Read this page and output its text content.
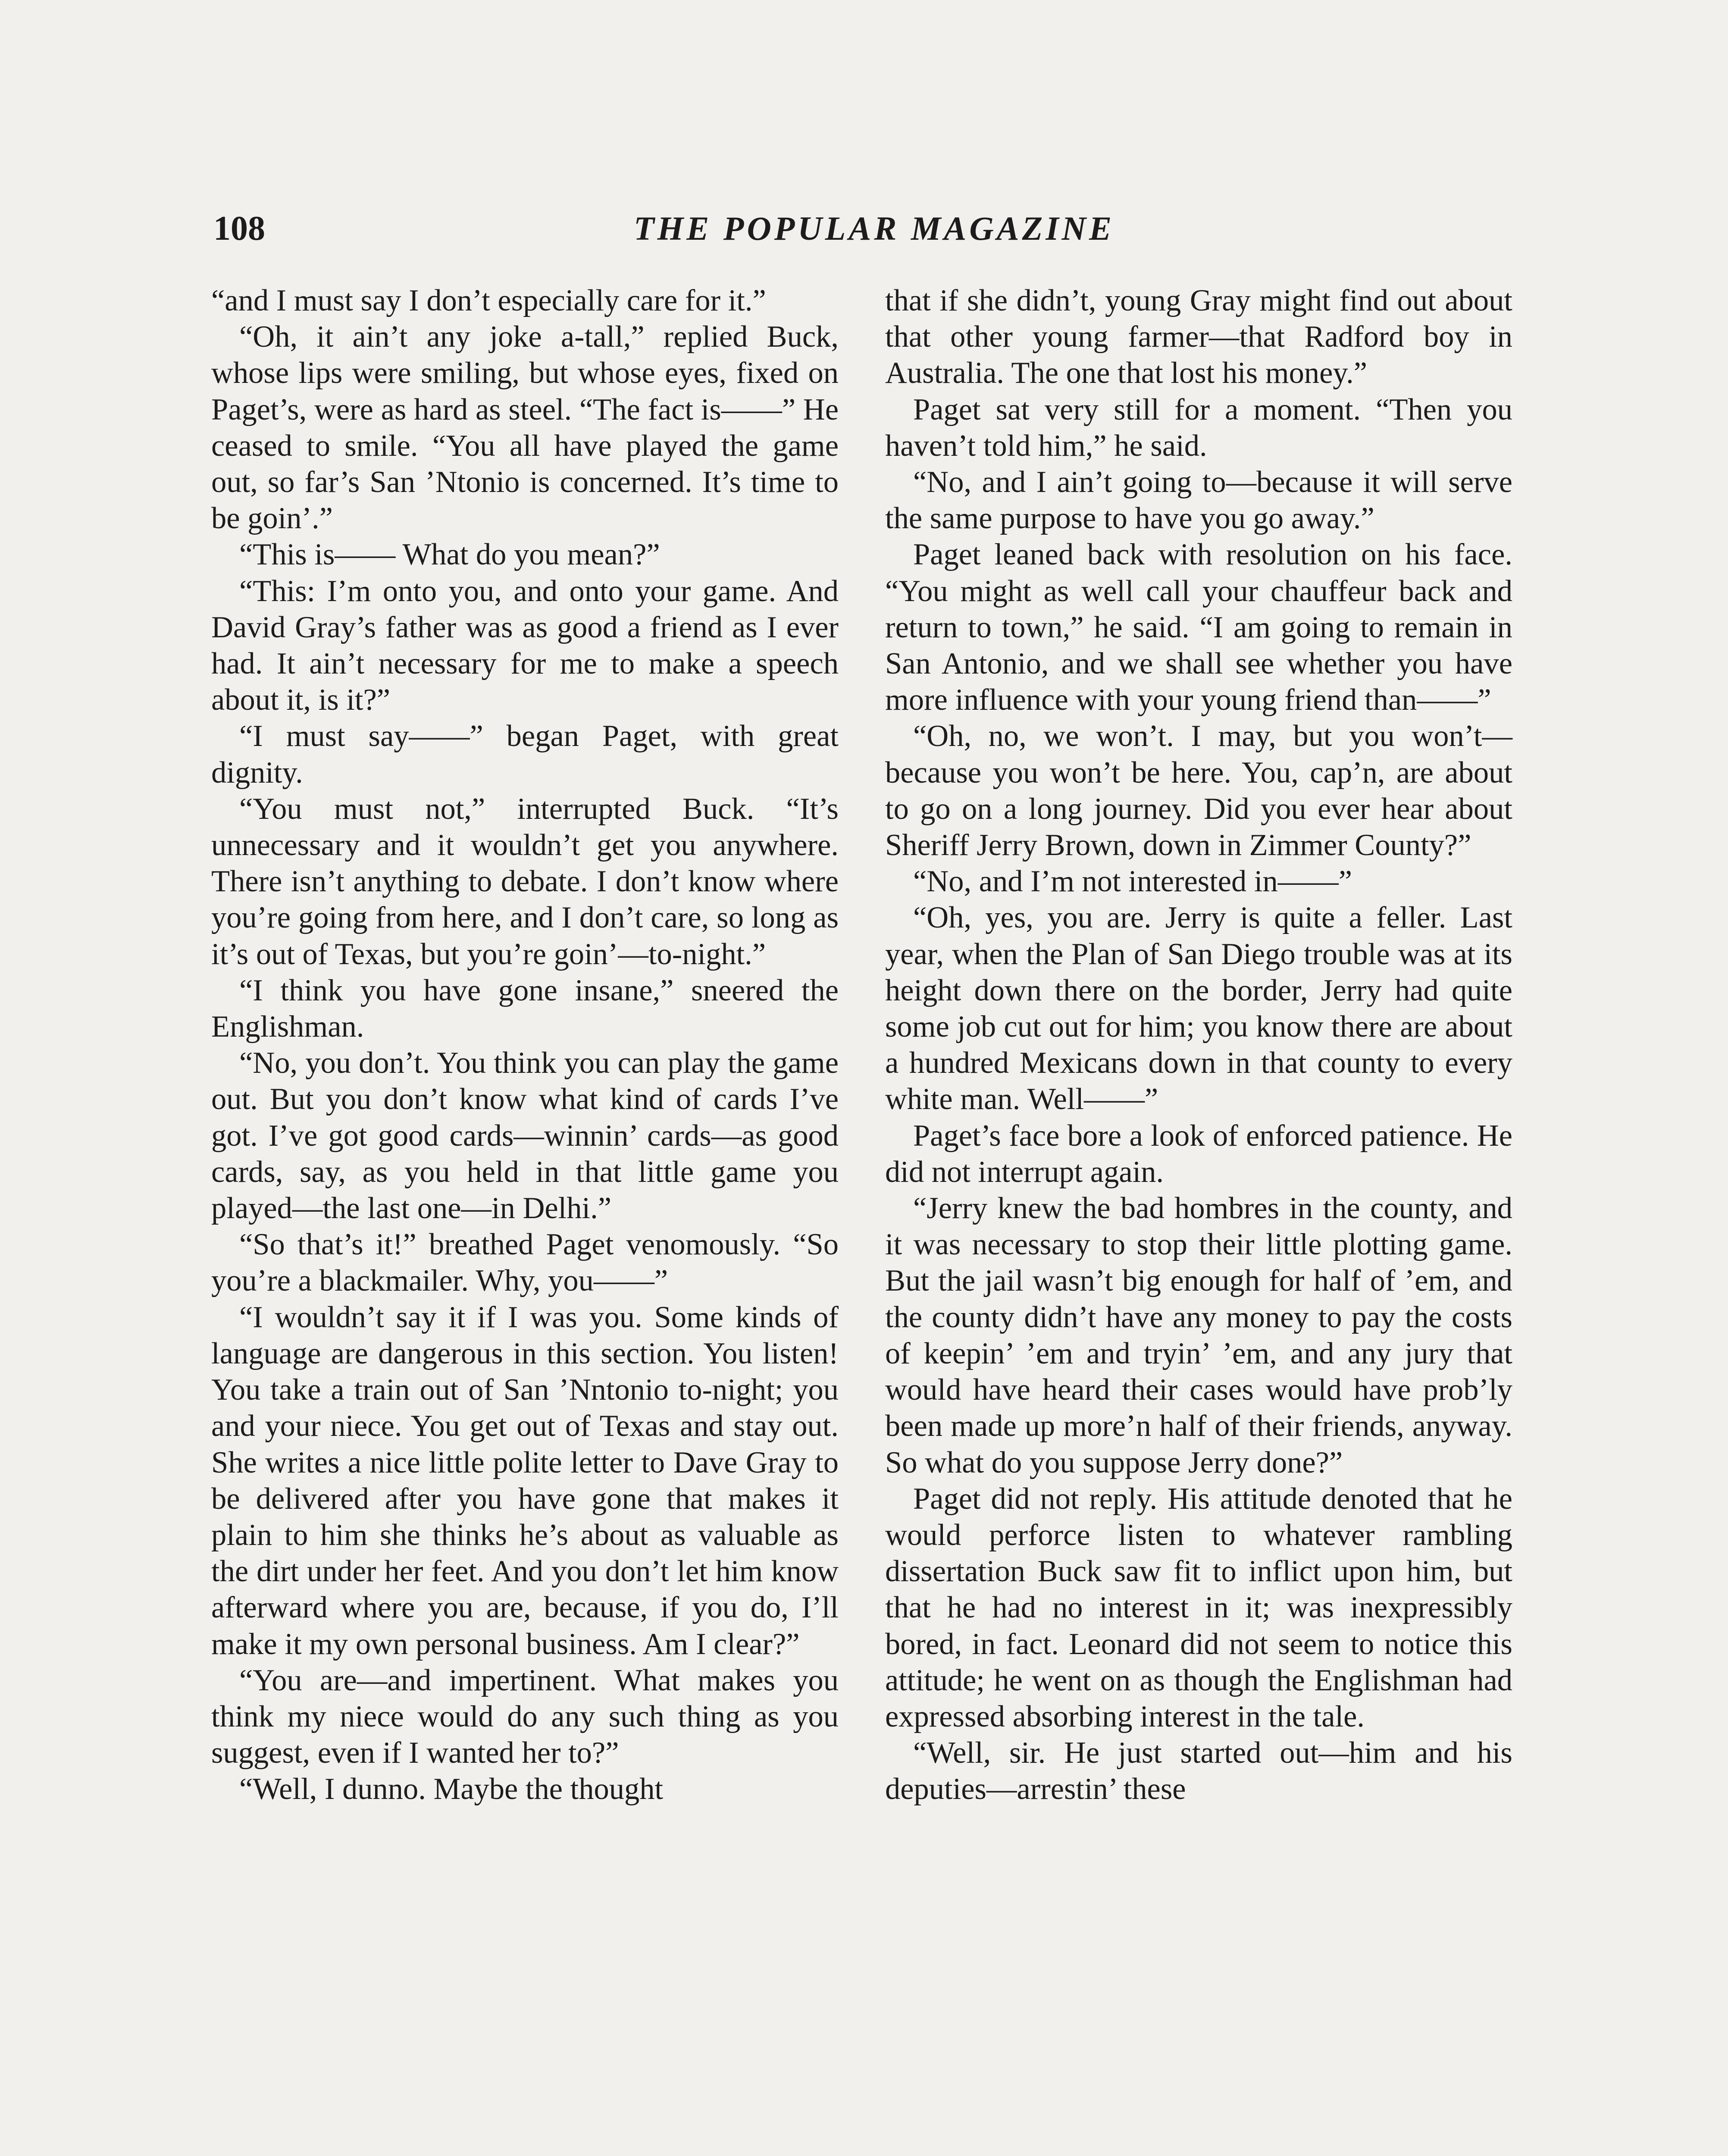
108	THE POPULAR MAGAZINE

“and I must say I don’t especially care for it.”

“Oh, it ain’t any joke a-tall,” replied Buck, whose lips were smiling, but whose eyes, fixed on Paget’s, were as hard as steel. “The fact is——” He ceased to smile. “You all have played the game out, so far’s San ’Ntonio is concerned. It’s time to be goin’.”

“This is—— What do you mean?”

“This: I’m onto you, and onto your game. And David Gray’s father was as good a friend as I ever had. It ain’t necessary for me to make a speech about it, is it?”

“I must say——” began Paget, with great dignity.

“You must not,” interrupted Buck. “It’s unnecessary and it wouldn’t get you anywhere. There isn’t anything to debate. I don’t know where you’re going from here, and I don’t care, so long as it’s out of Texas, but you’re goin’—to-night.”

“I think you have gone insane,” sneered the Englishman.

“No, you don’t. You think you can play the game out. But you don’t know what kind of cards I’ve got. I’ve got good cards—winnin’ cards—as good cards, say, as you held in that little game you played—the last one—in Delhi.”

“So that’s it!” breathed Paget venomously. “So you’re a blackmailer. Why, you——”

“I wouldn’t say it if I was you. Some kinds of language are dangerous in this section. You listen! You take a train out of San ’Nntonio to-night; you and your niece. You get out of Texas and stay out. She writes a nice little polite letter to Dave Gray to be delivered after you have gone that makes it plain to him she thinks he’s about as valuable as the dirt under her feet. And you don’t let him know afterward where you are, because, if you do, I’ll make it my own personal business. Am I clear?”

“You are—and impertinent. What makes you think my niece would do any such thing as you suggest, even if I wanted her to?”

“Well, I dunno. Maybe the thought

that if she didn’t, young Gray might find out about that other young farmer—that Radford boy in Australia. The one that lost his money.”

Paget sat very still for a moment. “Then you haven’t told him,” he said.

“No, and I ain’t going to—because it will serve the same purpose to have you go away.”

Paget leaned back with resolution on his face. “You might as well call your chauffeur back and return to town,” he said. “I am going to remain in San Antonio, and we shall see whether you have more influence with your young friend than——”

“Oh, no, we won’t. I may, but you won’t—because you won’t be here. You, cap’n, are about to go on a long journey. Did you ever hear about Sheriff Jerry Brown, down in Zimmer County?”

“No, and I’m not interested in——”

“Oh, yes, you are. Jerry is quite a feller. Last year, when the Plan of San Diego trouble was at its height down there on the border, Jerry had quite some job cut out for him; you know there are about a hundred Mexicans down in that county to every white man. Well——”

Paget’s face bore a look of enforced patience. He did not interrupt again.

“Jerry knew the bad hombres in the county, and it was necessary to stop their little plotting game. But the jail wasn’t big enough for half of ’em, and the county didn’t have any money to pay the costs of keepin’ ’em and tryin’ ’em, and any jury that would have heard their cases would have prob’ly been made up more’n half of their friends, anyway. So what do you suppose Jerry done?”

Paget did not reply. His attitude denoted that he would perforce listen to whatever rambling dissertation Buck saw fit to inflict upon him, but that he had no interest in it; was inexpressibly bored, in fact. Leonard did not seem to notice this attitude; he went on as though the Englishman had expressed absorbing interest in the tale.

“Well, sir. He just started out—him and his deputies—arrestin’ these
